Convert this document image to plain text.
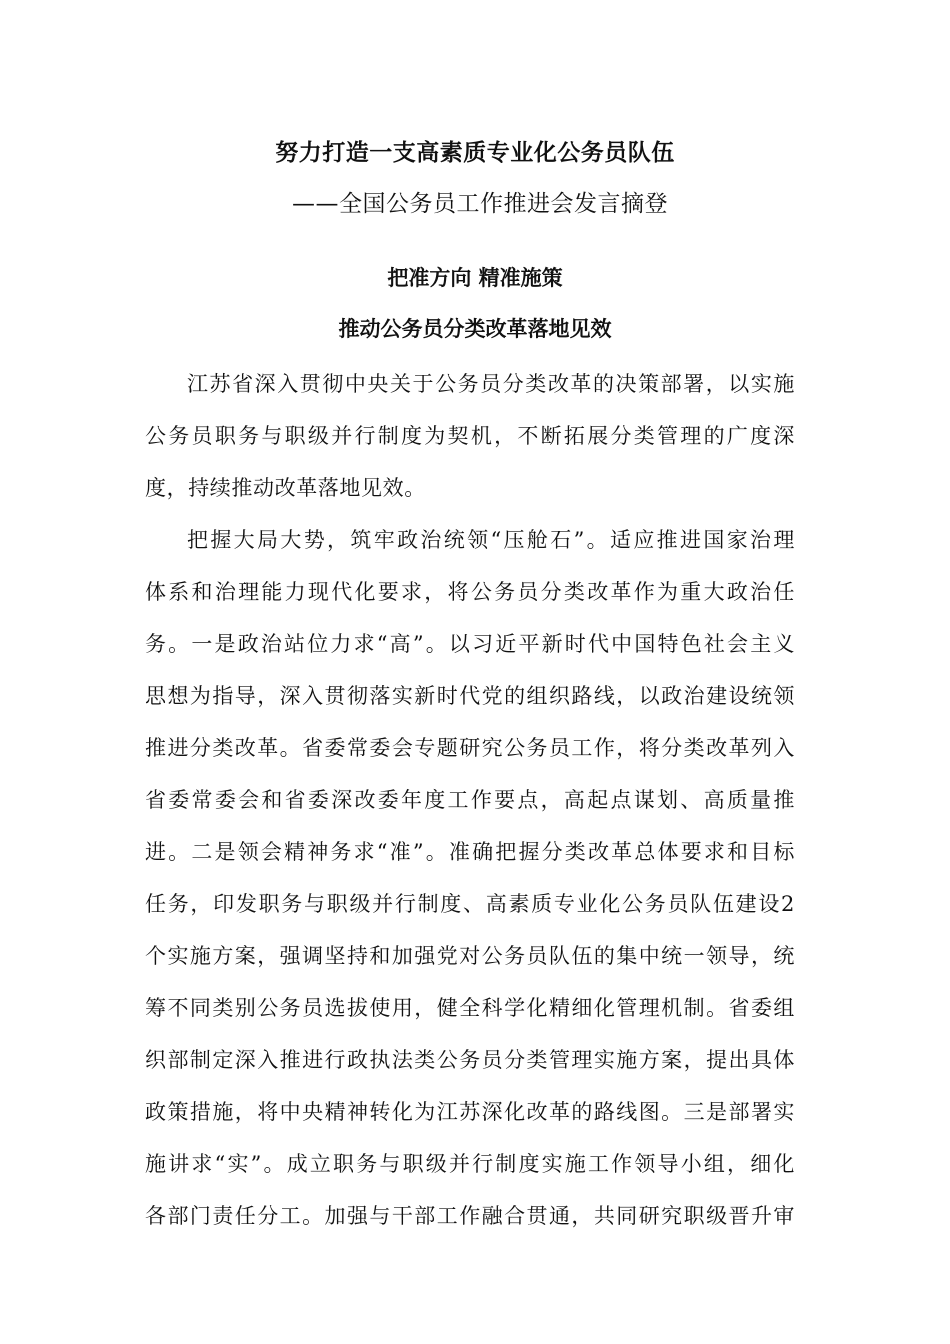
努力打造一支高素质专业化公务员队伍
——全国公务员工作推进会发言摘登
把准方向 精准施策
推动公务员分类改革落地见效
江苏省深入贯彻中央关于公务员分类改革的决策部署，以实施
公务员职务与职级并行制度为契机，不断拓展分类管理的广度深
度，持续推动改革落地见效。
把握大局大势，筑牢政治统领“压舱石”。适应推进国家治理
体系和治理能力现代化要求，将公务员分类改革作为重大政治任
务。一是政治站位力求“高”。以习近平新时代中国特色社会主义
思想为指导，深入贯彻落实新时代党的组织路线，以政治建设统领
推进分类改革。省委常委会专题研究公务员工作，将分类改革列入
省委常委会和省委深改委年度工作要点，高起点谋划、高质量推
进。二是领会精神务求“准”。准确把握分类改革总体要求和目标
任务，印发职务与职级并行制度、高素质专业化公务员队伍建设2
个实施方案，强调坚持和加强党对公务员队伍的集中统一领导，统
筹不同类别公务员选拔使用，健全科学化精细化管理机制。省委组
织部制定深入推进行政执法类公务员分类管理实施方案，提出具体
政策措施，将中央精神转化为江苏深化改革的路线图。三是部署实
施讲求“实”。成立职务与职级并行制度实施工作领导小组，细化
各部门责任分工。加强与干部工作融合贯通，共同研究职级晋升审
